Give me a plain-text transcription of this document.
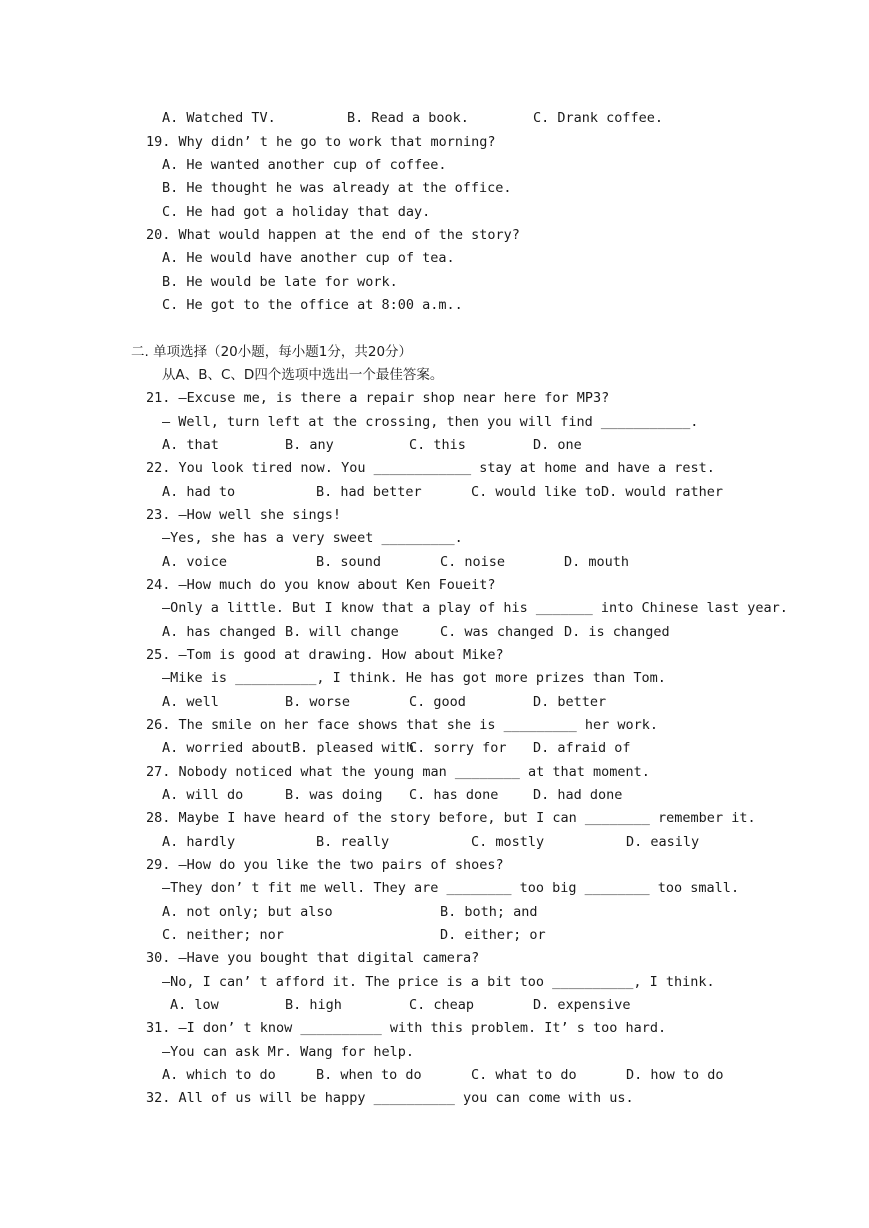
A. Watched TV.	B. Read a book.	C. Drank coffee.
19. Why didn’ t he go to work that morning?
A. He wanted another cup of coffee.
B. He thought he was already at the office.
C. He had got a holiday that day.
20. What would happen at the end of the story?
A. He would have another cup of tea.
B. He would be late for work.
C. He got to the office at 8:00 a.m..
二. 单项选择（20小题，每小题1分，共20分）
从A、B、C、D四个选项中选出一个最佳答案。
21. —Excuse me, is there a repair shop near here for MP3?
— Well, turn left at the crossing, then you will find ___________.
A. that	B. any	C. this	D. one
22. You look tired now. You ____________ stay at home and have a rest.
A. had to	B. had better	C. would like toD. would rather
23. —How well she sings!
—Yes, she has a very sweet _________.
A. voice	B. sound	C. noise	D. mouth
24. —How much do you know about Ken Foueit?
—Only a little. But I know that a play of his _______ into Chinese last year.
A. has changed B. will change	C. was changed D. is changed
25. —Tom is good at drawing. How about Mike?
—Mike is __________, I think. He has got more prizes than Tom.
A. well	B. worse	C. good	D. better
26. The smile on her face shows that she is _________ her work.
A. worried aboutB. pleased with
C. sorry for D. afraid of
27. Nobody noticed what the young man ________ at that moment.
A. will do	B. was doing C. has done	D. had done
28. Maybe I have heard of the story before, but I can ________ remember it.
A. hardly	B. really	C. mostly	D. easily
29. —How do you like the two pairs of shoes?
—They don’ t fit me well. They are ________ too big ________ too small.
A. not only; but also	B. both; and
C. neither; nor	D. either; or
30. —Have you bought that digital camera?
—No, I can’ t afford it. The price is a bit too __________, I think.
A. low	B. high	C. cheap	D. expensive
31. —I don’ t know __________ with this problem. It’ s too hard.
—You can ask Mr. Wang for help.
A. which to do	B. when to do	C. what to do	D. how to do
32. All of us will be happy __________ you can come with us.
